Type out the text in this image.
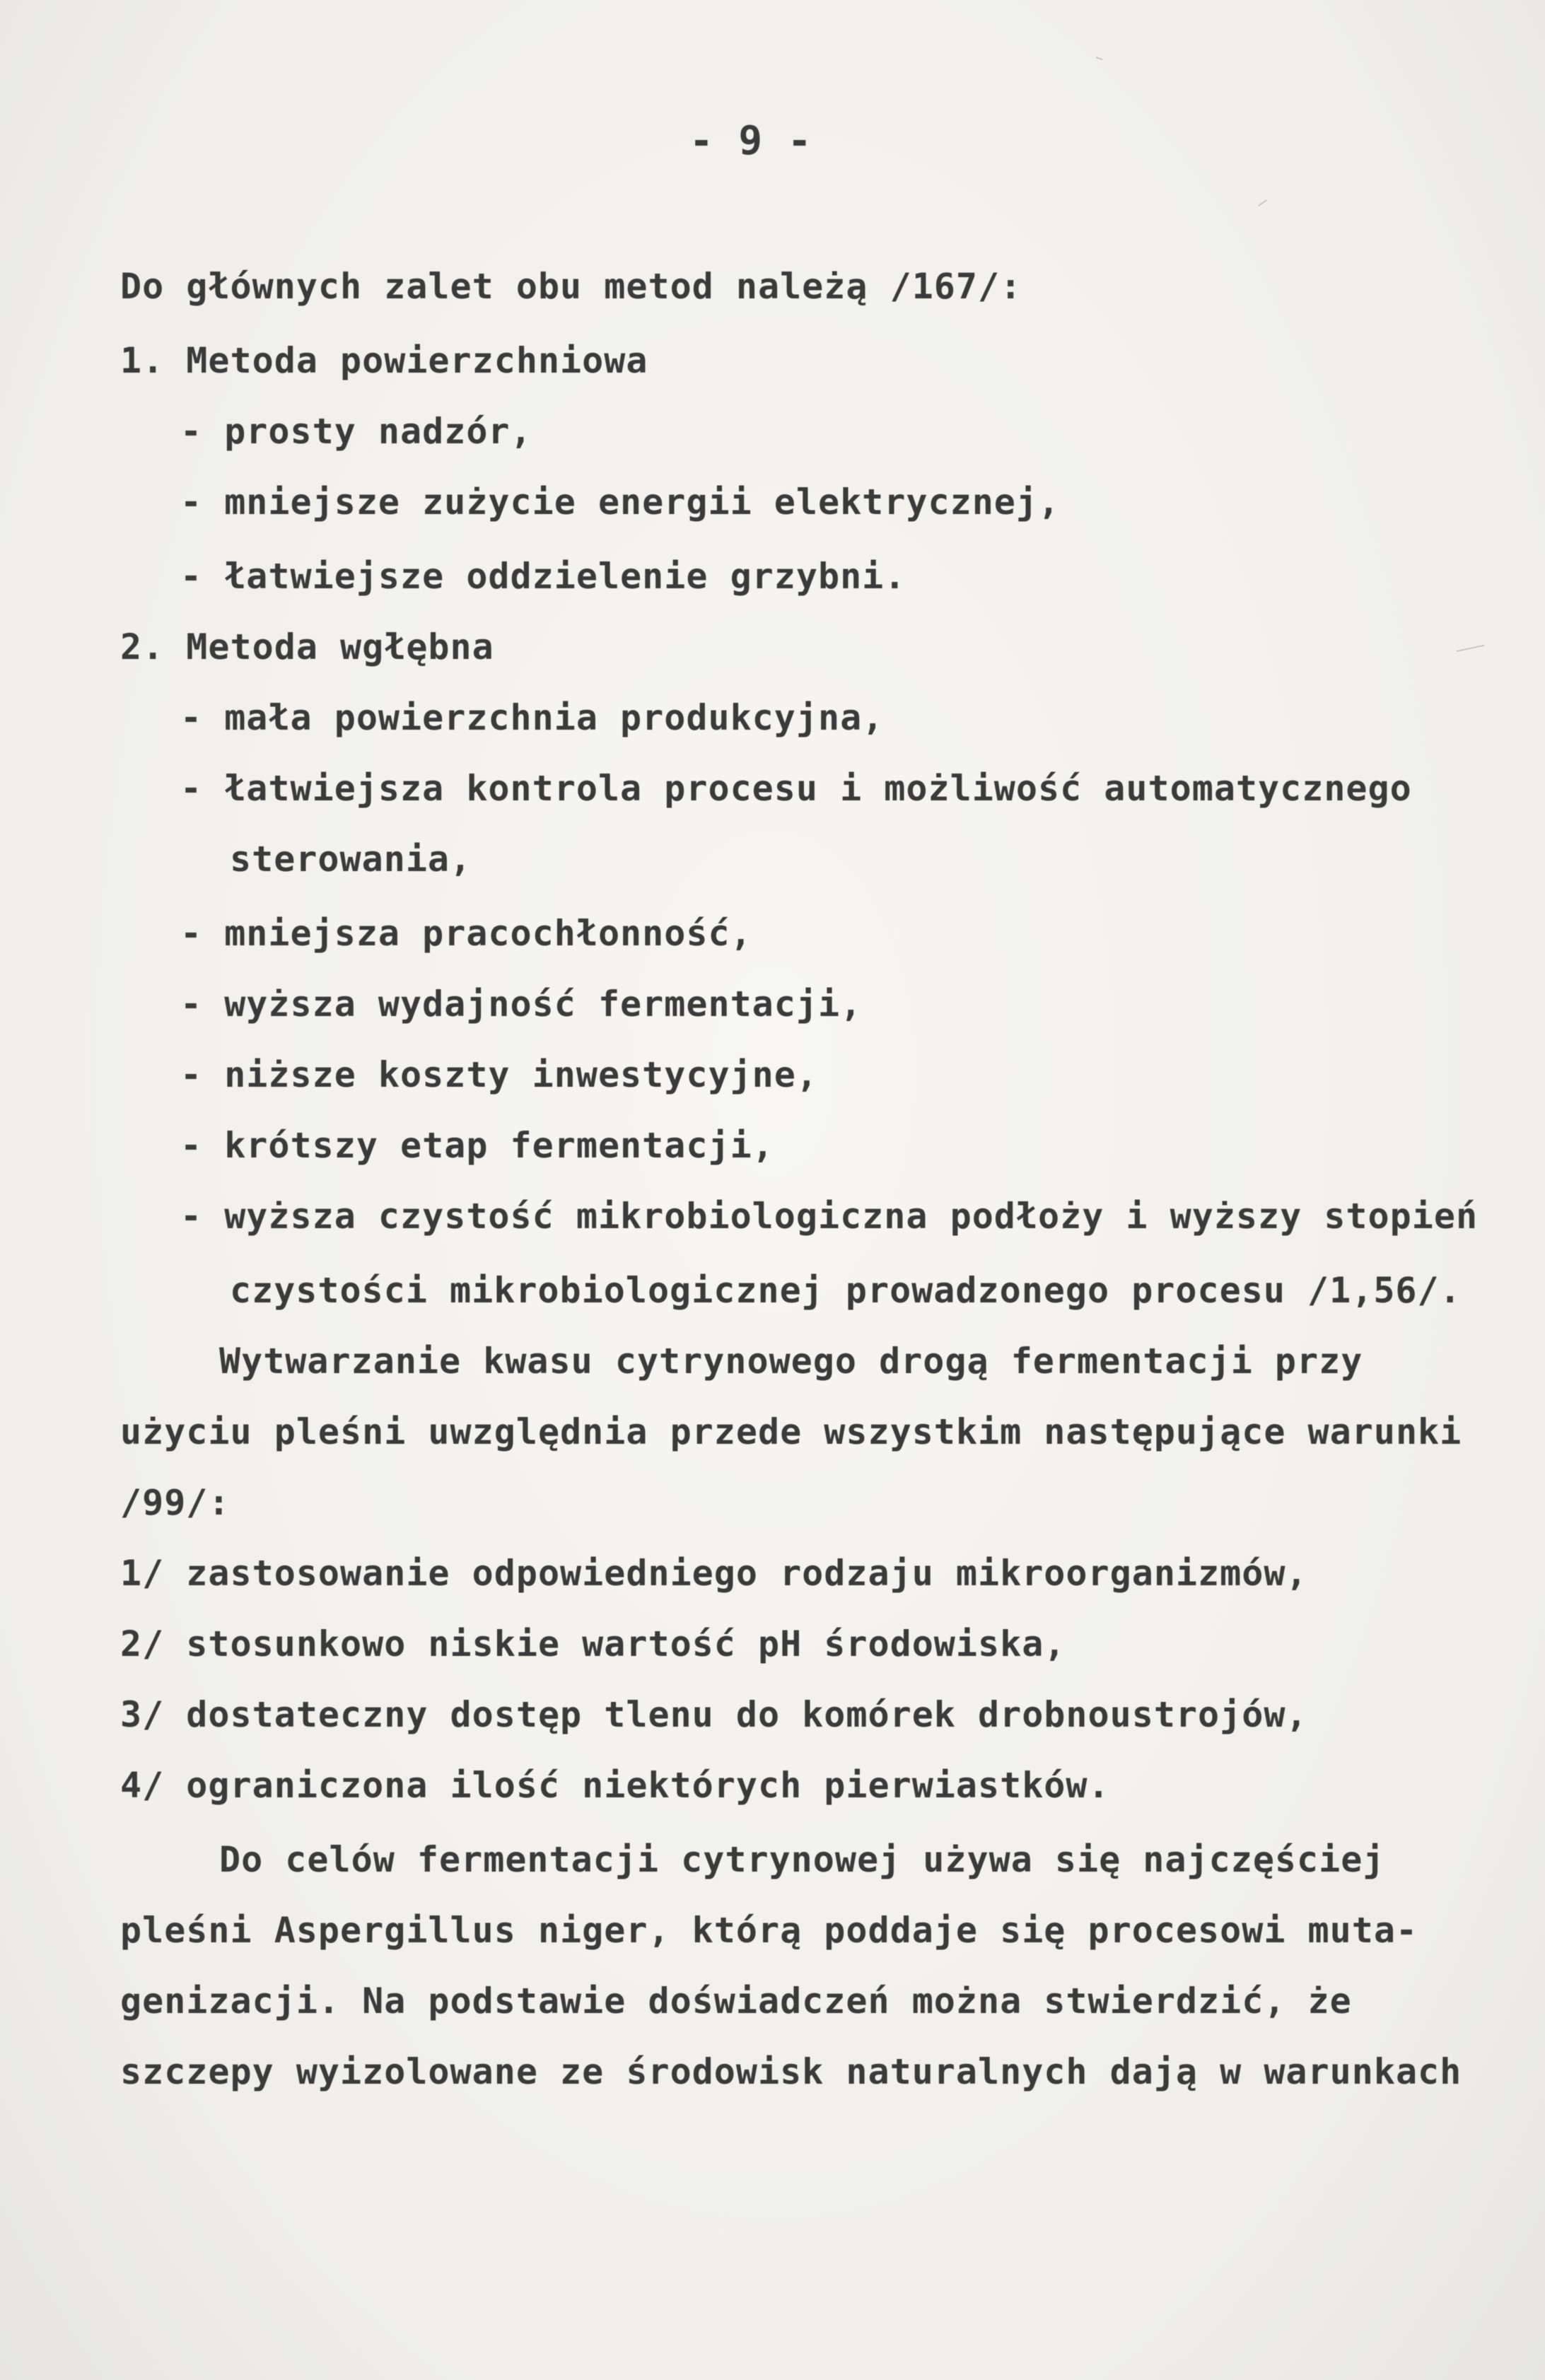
- 9 -
Do głównych zalet obu metod należą /167/:
1. Metoda powierzchniowa
- prosty nadzór,
- mniejsze zużycie energii elektrycznej,
- łatwiejsze oddzielenie grzybni.
2. Metoda wgłębna
- mała powierzchnia produkcyjna,
- łatwiejsza kontrola procesu i możliwość automatycznego
sterowania,
- mniejsza pracochłonność,
- wyższa wydajność fermentacji,
- niższe koszty inwestycyjne,
- krótszy etap fermentacji,
- wyższa czystość mikrobiologiczna podłoży i wyższy stopień
czystości mikrobiologicznej prowadzonego procesu /1,56/.
Wytwarzanie kwasu cytrynowego drogą fermentacji przy
użyciu pleśni uwzględnia przede wszystkim następujące warunki
/99/:
1/ zastosowanie odpowiedniego rodzaju mikroorganizmów,
2/ stosunkowo niskie wartość pH środowiska,
3/ dostateczny dostęp tlenu do komórek drobnoustrojów,
4/ ograniczona ilość niektórych pierwiastków.
Do celów fermentacji cytrynowej używa się najczęściej
pleśni Aspergillus niger, którą poddaje się procesowi muta-
genizacji. Na podstawie doświadczeń można stwierdzić, że
szczepy wyizolowane ze środowisk naturalnych dają w warunkach
